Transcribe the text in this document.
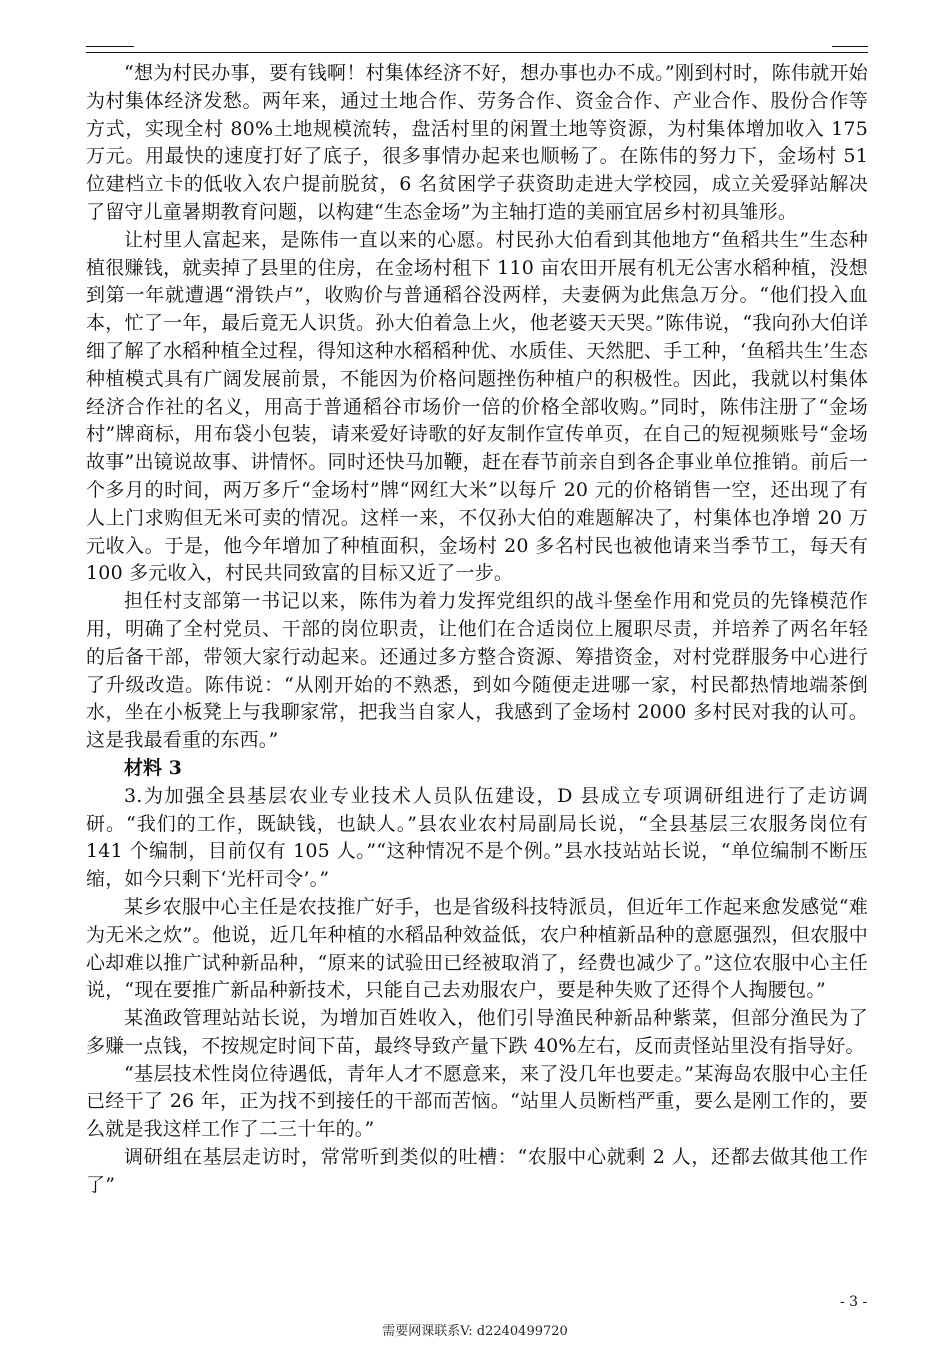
“想为村民办事，要有钱啊！村集体经济不好，想办事也办不成。”刚到村时，陈伟就开始为村集体经济发愁。两年来，通过土地合作、劳务合作、资金合作、产业合作、股份合作等方式，实现全村 80%土地规模流转，盘活村里的闲置土地等资源，为村集体增加收入 175 万元。用最快的速度打好了底子，很多事情办起来也顺畅了。在陈伟的努力下，金场村 51 位建档立卡的低收入农户提前脱贫，6 名贫困学子获资助走进大学校园，成立关爱驿站解决了留守儿童暑期教育问题，以构建“生态金场”为主轴打造的美丽宜居乡村初具雏形。

让村里人富起来，是陈伟一直以来的心愿。村民孙大伯看到其他地方“鱼稻共生”生态种植很赚钱，就卖掉了县里的住房，在金场村租下 110 亩农田开展有机无公害水稻种植，没想到第一年就遭遇“滑铁卢”，收购价与普通稻谷没两样，夫妻俩为此焦急万分。“他们投入血本，忙了一年，最后竟无人识货。孙大伯着急上火，他老婆天天哭。”陈伟说，“我向孙大伯详细了解了水稻种植全过程，得知这种水稻稻种优、水质佳、天然肥、手工种，‘鱼稻共生’生态种植模式具有广阔发展前景，不能因为价格问题挫伤种植户的积极性。因此，我就以村集体经济合作社的名义，用高于普通稻谷市场价一倍的价格全部收购。”同时，陈伟注册了“金场村”牌商标，用布袋小包装，请来爱好诗歌的好友制作宣传单页，在自己的短视频账号“金场故事”出镜说故事、讲情怀。同时还快马加鞭，赶在春节前亲自到各企事业单位推销。前后一个多月的时间，两万多斤“金场村”牌“网红大米”以每斤 20 元的价格销售一空，还出现了有人上门求购但无米可卖的情况。这样一来，不仅孙大伯的难题解决了，村集体也净增 20 万元收入。于是，他今年增加了种植面积，金场村 20 多名村民也被他请来当季节工，每天有 100 多元收入，村民共同致富的目标又近了一步。

担任村支部第一书记以来，陈伟为着力发挥党组织的战斗堡垒作用和党员的先锋模范作用，明确了全村党员、干部的岗位职责，让他们在合适岗位上履职尽责，并培养了两名年轻的后备干部，带领大家行动起来。还通过多方整合资源、筹措资金，对村党群服务中心进行了升级改造。陈伟说：“从刚开始的不熟悉，到如今随便走进哪一家，村民都热情地端茶倒水，坐在小板凳上与我聊家常，把我当自家人，我感到了金场村 2000 多村民对我的认可。这是我最看重的东西。”

材料 3

3.为加强全县基层农业专业技术人员队伍建设，D 县成立专项调研组进行了走访调研。“我们的工作，既缺钱，也缺人。”县农业农村局副局长说，“全县基层三农服务岗位有 141 个编制，目前仅有 105 人。”“这种情况不是个例。”县水技站站长说，“单位编制不断压缩，如今只剩下‘光杆司令’。”

某乡农服中心主任是农技推广好手，也是省级科技特派员，但近年工作起来愈发感觉“难为无米之炊”。他说，近几年种植的水稻品种效益低，农户种植新品种的意愿强烈，但农服中心却难以推广试种新品种，“原来的试验田已经被取消了，经费也减少了。”这位农服中心主任说，“现在要推广新品种新技术，只能自己去劝服农户，要是种失败了还得个人掏腰包。”

某渔政管理站站长说，为增加百姓收入，他们引导渔民种新品种紫菜，但部分渔民为了多赚一点钱，不按规定时间下苗，最终导致产量下跌 40%左右，反而责怪站里没有指导好。

“基层技术性岗位待遇低，青年人才不愿意来，来了没几年也要走。”某海岛农服中心主任已经干了 26 年，正为找不到接任的干部而苦恼。“站里人员断档严重，要么是刚工作的，要么就是我这样工作了二三十年的。”

调研组在基层走访时，常常听到类似的吐槽：“农服中心就剩 2 人，还都去做其他工作了”

- 3 -
需要网课联系V: d2240499720
